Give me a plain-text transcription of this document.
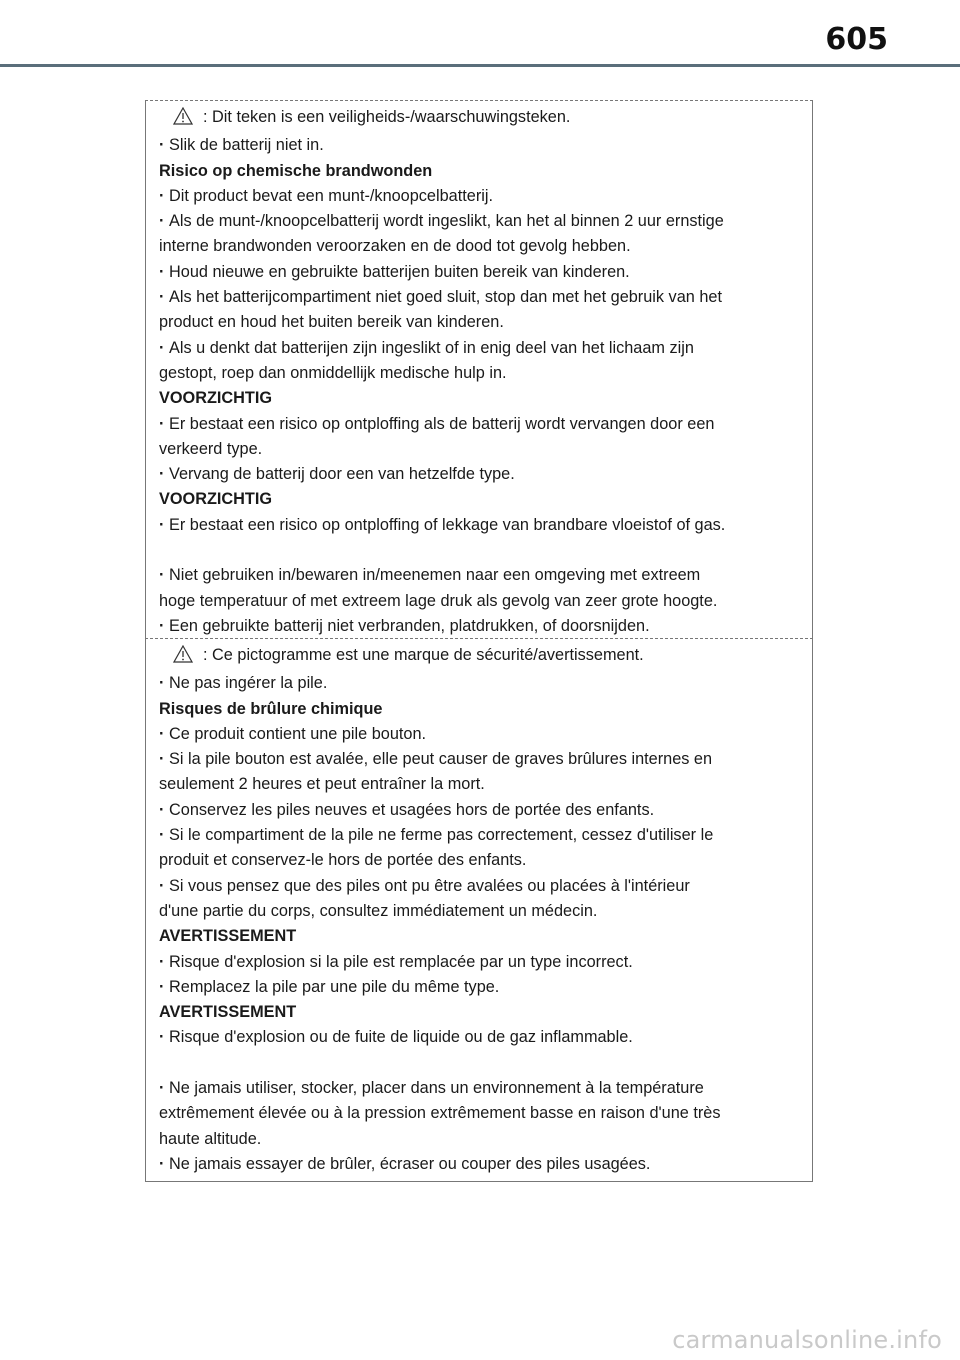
605

: Dit teken is een veiligheids-/waarschuwingsteken.

· Slik de batterij niet in.

Risico op chemische brandwonden

· Dit product bevat een munt-/knoopcelbatterij.

· Als de munt-/knoopcelbatterij wordt ingeslikt, kan het al binnen 2 uur ernstige

interne brandwonden veroorzaken en de dood tot gevolg hebben.

· Houd nieuwe en gebruikte batterijen buiten bereik van kinderen.

· Als het batterijcompartiment niet goed sluit, stop dan met het gebruik van het

product en houd het buiten bereik van kinderen.

· Als u denkt dat batterijen zijn ingeslikt of in enig deel van het lichaam zijn

gestopt, roep dan onmiddellijk medische hulp in.

VOORZICHTIG

· Er bestaat een risico op ontploffing als de batterij wordt vervangen door een

verkeerd type.

· Vervang de batterij door een van hetzelfde type.

VOORZICHTIG

· Er bestaat een risico op ontploffing of lekkage van brandbare vloeistof of gas.

· Niet gebruiken in/bewaren in/meenemen naar een omgeving met extreem

hoge temperatuur of met extreem lage druk als gevolg van zeer grote hoogte.

· Een gebruikte batterij niet verbranden, platdrukken, of doorsnijden.

: Ce pictogramme est une marque de sécurité/avertissement.

· Ne pas ingérer la pile.

Risques de brûlure chimique

· Ce produit contient une pile bouton.

· Si la pile bouton est avalée, elle peut causer de graves brûlures internes en

seulement 2 heures et peut entraîner la mort.

· Conservez les piles neuves et usagées hors de portée des enfants.

· Si le compartiment de la pile ne ferme pas correctement, cessez d'utiliser le

produit et conservez-le hors de portée des enfants.

· Si vous pensez que des piles ont pu être avalées ou placées à l'intérieur

d'une partie du corps, consultez immédiatement un médecin.

AVERTISSEMENT

· Risque d'explosion si la pile est remplacée par un type incorrect.

· Remplacez la pile par une pile du même type.

AVERTISSEMENT

· Risque d'explosion ou de fuite de liquide ou de gaz inflammable.

· Ne jamais utiliser, stocker, placer dans un environnement à la température

extrêmement élevée ou à la pression extrêmement basse en raison d'une très

haute altitude.

· Ne jamais essayer de brûler, écraser ou couper des piles usagées.

carmanualsonline.info
